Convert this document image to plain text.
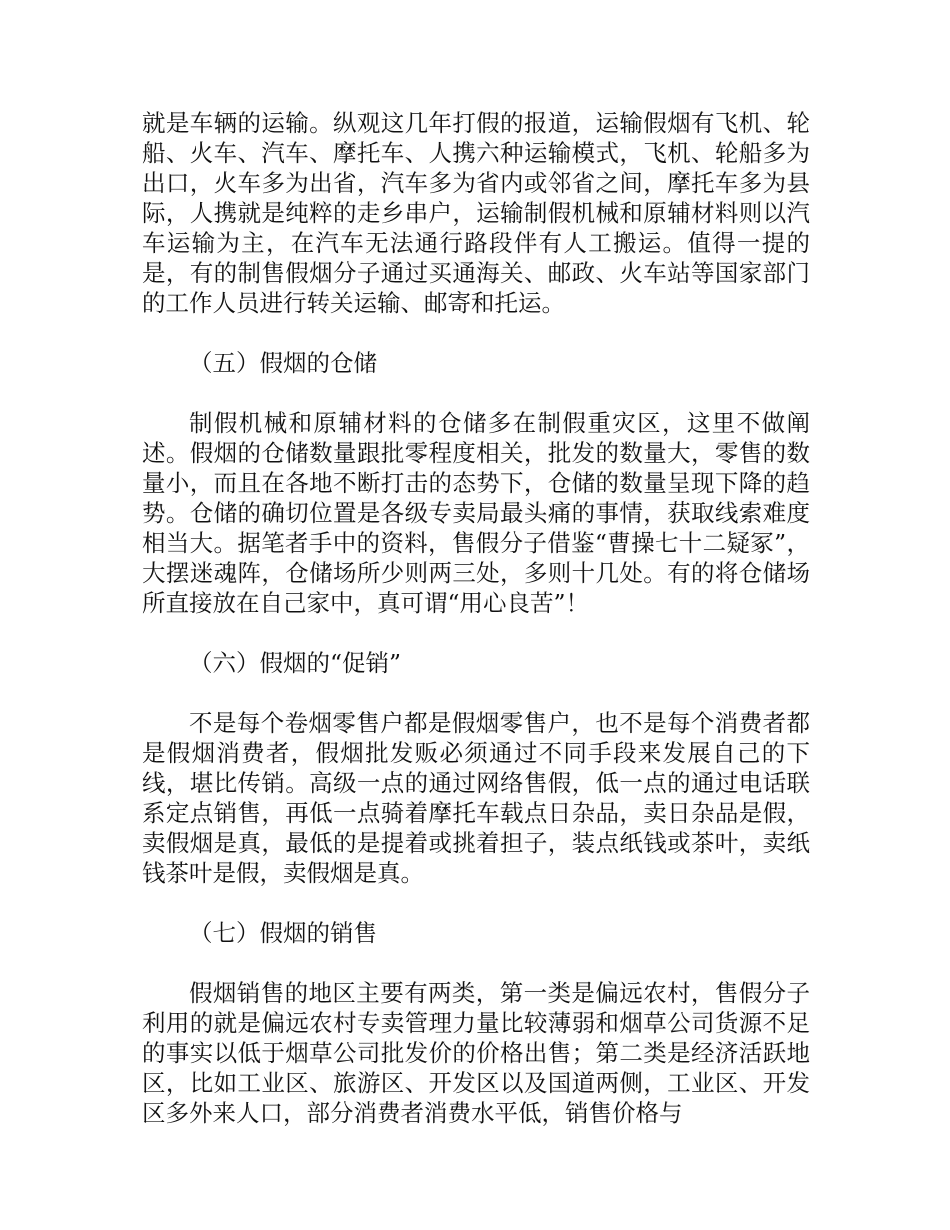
就是车辆的运输。纵观这几年打假的报道，运输假烟有飞机、轮船、火车、汽车、摩托车、人携六种运输模式，飞机、轮船多为出口，火车多为出省，汽车多为省内或邻省之间，摩托车多为县际，人携就是纯粹的走乡串户，运输制假机械和原辅材料则以汽车运输为主，在汽车无法通行路段伴有人工搬运。值得一提的是，有的制售假烟分子通过买通海关、邮政、火车站等国家部门的工作人员进行转关运输、邮寄和托运。

（五）假烟的仓储

制假机械和原辅材料的仓储多在制假重灾区，这里不做阐述。假烟的仓储数量跟批零程度相关，批发的数量大，零售的数量小，而且在各地不断打击的态势下，仓储的数量呈现下降的趋势。仓储的确切位置是各级专卖局最头痛的事情，获取线索难度相当大。据笔者手中的资料，售假分子借鉴“曹操七十二疑冢”，大摆迷魂阵，仓储场所少则两三处，多则十几处。有的将仓储场所直接放在自己家中，真可谓“用心良苦”！

（六）假烟的“促销”

不是每个卷烟零售户都是假烟零售户，也不是每个消费者都是假烟消费者，假烟批发贩必须通过不同手段来发展自己的下线，堪比传销。高级一点的通过网络售假，低一点的通过电话联系定点销售，再低一点骑着摩托车载点日杂品，卖日杂品是假，卖假烟是真，最低的是提着或挑着担子，装点纸钱或茶叶，卖纸钱茶叶是假，卖假烟是真。

（七）假烟的销售

假烟销售的地区主要有两类，第一类是偏远农村，售假分子利用的就是偏远农村专卖管理力量比较薄弱和烟草公司货源不足的事实以低于烟草公司批发价的价格出售；第二类是经济活跃地区，比如工业区、旅游区、开发区以及国道两侧，工业区、开发区多外来人口，部分消费者消费水平低，销售价格与
